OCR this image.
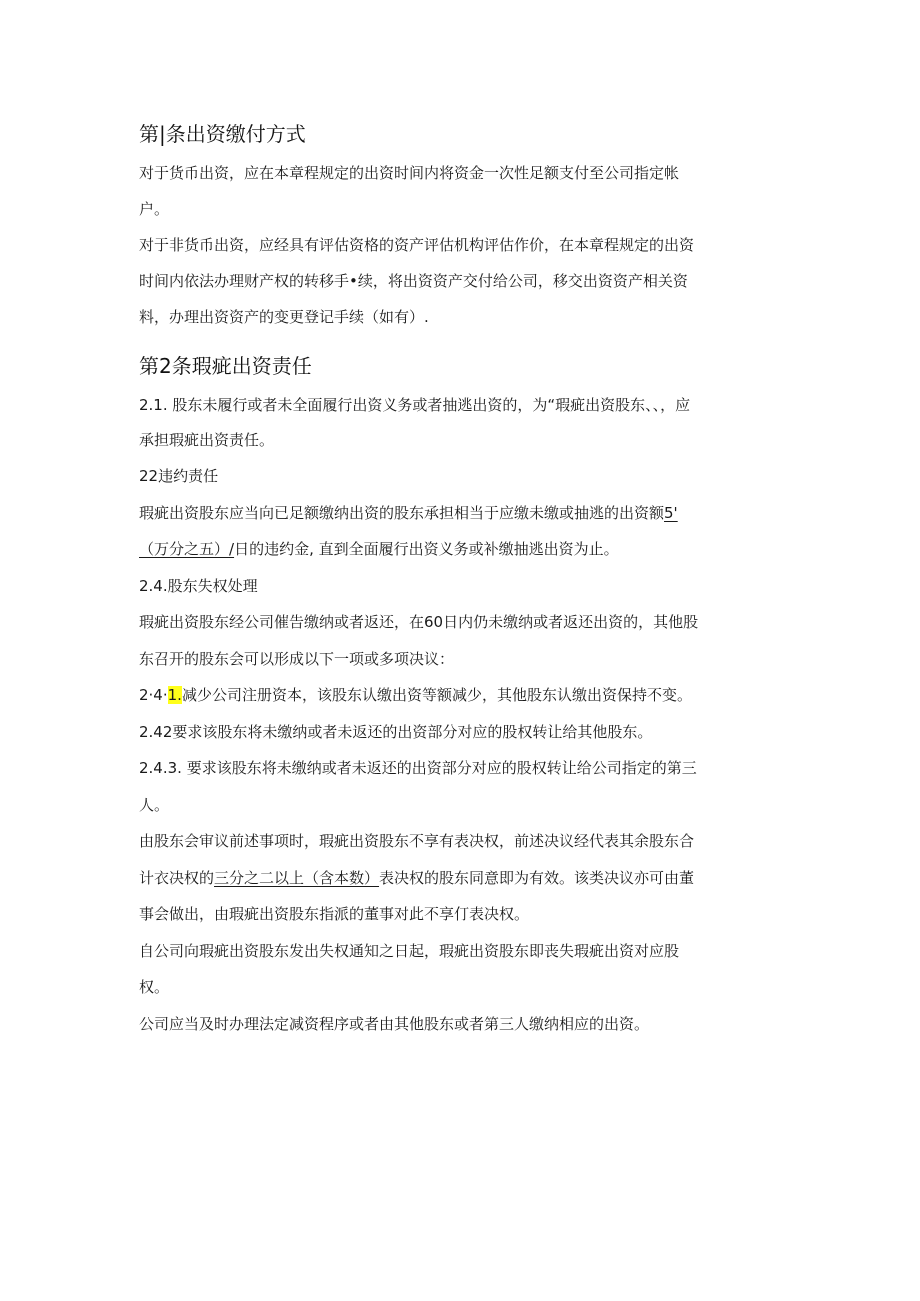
第|条出资缴付方式

对于货币出资，应在本章程规定的出资时间内将资金一次性足额支付至公司指定帐

户。

对于非货币出资，应经具有评估资格的资产评估机构评估作价，在本章程规定的出资

时间内依法办理财产权的转移手•续，将出资资产交付给公司，移交出资资产相关资

料，办理出资资产的变更登记手续（如有）.

第2条瑕疵出资责任

2.1. 股东未履行或者未全面履行出资义务或者抽逃出资的，为“瑕疵出资股东、、，应

承担瑕疵出资责任。

22违约责任

瑕疵出资股东应当向已足额缴纳出资的股东承担相当于应缴未缴或抽逃的出资额5'

（万分之五）/日的违约金, 直到全面履行出资义务或补缴抽逃出资为止。

2.4.股东失权处理

瑕疵出资股东经公司催告缴纳或者返还，在60日内仍未缴纳或者返还出资的，其他股

东召开的股东会可以形成以下一项或多项决议：

2·4·1.减少公司注册资本，该股东认缴出资等额减少，其他股东认缴出资保持不变。

2.42要求该股东将未缴纳或者未返还的出资部分对应的股权转让给其他股东。

2.4.3. 要求该股东将未缴纳或者未返还的出资部分对应的股权转让给公司指定的第三

人。

由股东会审议前述事项时，瑕疵出资股东不享有表决权，前述决议经代表其余股东合

计衣决权的三分之二以上（含本数）表决权的股东同意即为有效。该类决议亦可由董

事会做出，由瑕疵出资股东指派的董事对此不享仃表决权。

自公司向瑕疵出资股东发出失权通知之日起，瑕疵出资股东即丧失瑕疵出资对应股

权。

公司应当及时办理法定减资程序或者由其他股东或者第三人缴纳相应的出资。
